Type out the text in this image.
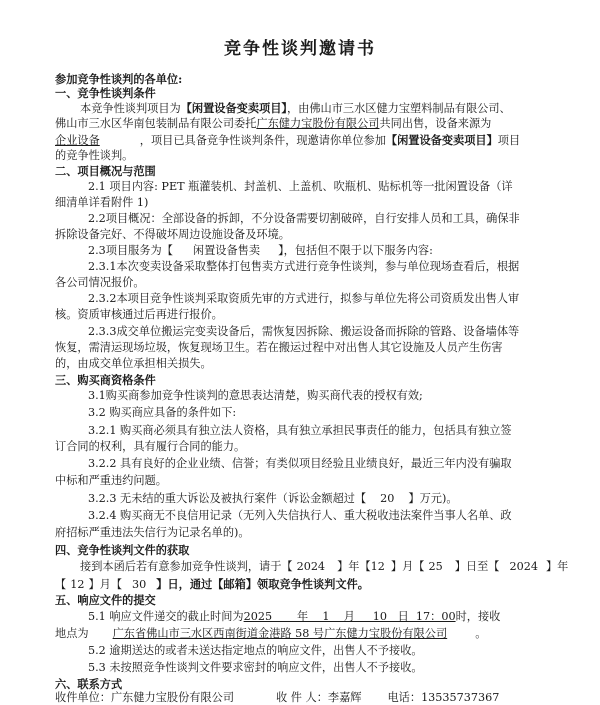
竞争性谈判邀请书
参加竞争性谈判的各单位:
一、竞争性谈判条件
本竞争性谈判项目为【闲置设备变卖项目】，由佛山市三水区健力宝塑料制品有限公司、
佛山市三水区华南包装制品有限公司委托广东健力宝股份有限公司共同出售，设备来源为
企业设备	，项目已具备竞争性谈判条件，现邀请你单位参加【闲置设备变卖项目】项目
的竞争性谈判。
二、项目概况与范围
2.1 项目内容: PET 瓶灌装机、封盖机、上盖机、吹瓶机、贴标机等一批闲置设备（详
细清单详看附件 1)
2.2项目概况：全部设备的拆卸，不分设备需要切割破碎，自行安排人员和工具，确保非
拆除设备完好、不得破坏周边设施设备及环境。
2.3项目服务为【 闲置设备售卖 】，包括但不限于以下服务内容:
2.3.1本次变卖设备采取整体打包售卖方式进行竞争性谈判，参与单位现场查看后，根据
各公司情况报价。
2.3.2本项目竞争性谈判采取资质先审的方式进行，拟参与单位先将公司资质发出售人审
核。资质审核通过后再进行报价。
2.3.3成交单位搬运完变卖设备后，需恢复因拆除、搬运设备而拆除的管路、设备墙体等
恢复，需清运现场垃圾，恢复现场卫生。若在搬运过程中对出售人其它设施及人员产生伤害
的，由成交单位承担相关损失。
三、购买商资格条件
3.1购买商参加竞争性谈判的意思表达清楚，购买商代表的授权有效;
3.2 购买商应具备的条件如下:
3.2.1 购买商必须具有独立法人资格，具有独立承担民事责任的能力，包括具有独立签
订合同的权利，具有履行合同的能力。
3.2.2 具有良好的企业业绩、信誉；有类似项目经验且业绩良好，最近三年内没有骗取
中标和严重违约问题。
3.2.3 无未结的重大诉讼及被执行案件（诉讼金额超过【 20 】万元)。
3.2.4 购买商无不良信用记录（无列入失信执行人、重大税收违法案件当事人名单、政
府招标严重违法失信行为记录名单的)。
四、竞争性谈判文件的获取
接到本函后若有意参加竞争性谈判，请于【 2024 】年【12 】月【 25 】日至【 2024 】年
【 12 】月【 30 】日，通过【邮箱】领取竞争性谈判文件。
五、响应文件的提交
5.1 响应文件递交的截止时间为2025       年    1    月     10   日  17：00时，接收
地点为 广东省佛山市三水区西南街道金港路 58 号广东健力宝股份有限公司	。
5.2 逾期送达的或者未送达指定地点的响应文件，出售人不予接收。
5.3 未按照竞争性谈判文件要求密封的响应文件，出售人不予接收。
六、联系方式
收件单位：广东健力宝股份有限公司	收 件 人：李嘉辉 电话：13535737367
